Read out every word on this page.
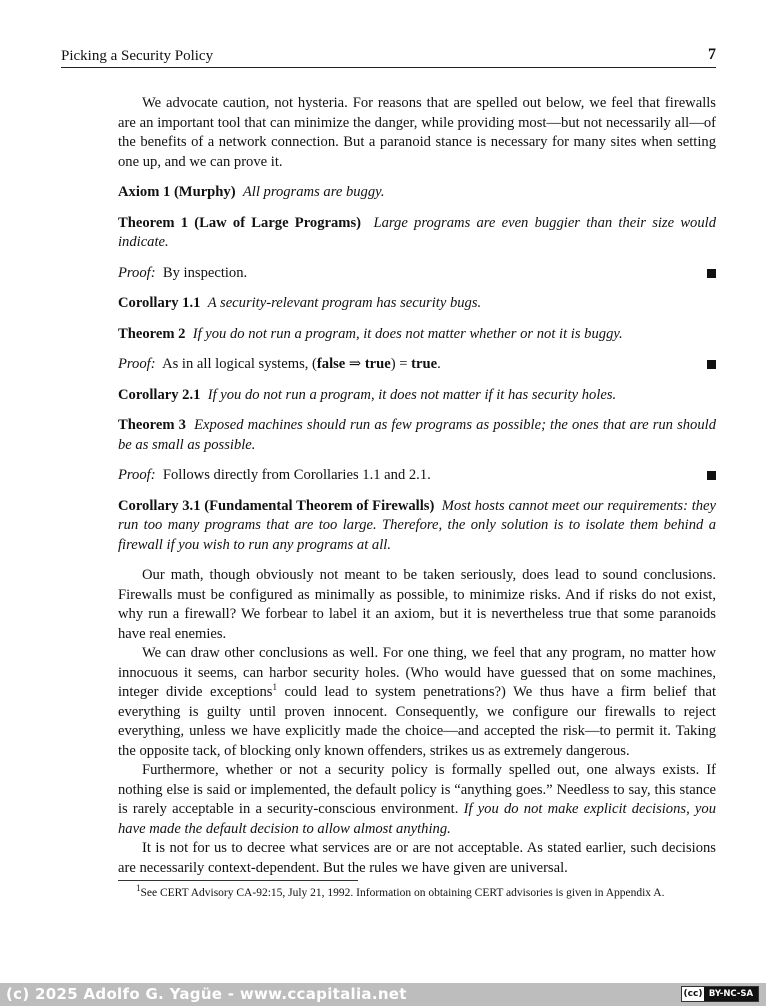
Picking a Security Policy	7

We advocate caution, not hysteria. For reasons that are spelled out below, we feel that firewalls are an important tool that can minimize the danger, while providing most—but not necessarily all—of the benefits of a network connection. But a paranoid stance is necessary for many sites when setting one up, and we can prove it.

Axiom 1 (Murphy) All programs are buggy.

Theorem 1 (Law of Large Programs) Large programs are even buggier than their size would indicate.

Proof: By inspection.

Corollary 1.1 A security-relevant program has security bugs.

Theorem 2 If you do not run a program, it does not matter whether or not it is buggy.

Proof: As in all logical systems, (false ⇒ true) = true.

Corollary 2.1 If you do not run a program, it does not matter if it has security holes.

Theorem 3 Exposed machines should run as few programs as possible; the ones that are run should be as small as possible.

Proof: Follows directly from Corollaries 1.1 and 2.1.

Corollary 3.1 (Fundamental Theorem of Firewalls) Most hosts cannot meet our requirements: they run too many programs that are too large. Therefore, the only solution is to isolate them behind a firewall if you wish to run any programs at all.

Our math, though obviously not meant to be taken seriously, does lead to sound conclusions. Firewalls must be configured as minimally as possible, to minimize risks. And if risks do not exist, why run a firewall? We forbear to label it an axiom, but it is nevertheless true that some paranoids have real enemies.

We can draw other conclusions as well. For one thing, we feel that any program, no matter how innocuous it seems, can harbor security holes. (Who would have guessed that on some machines, integer divide exceptions$^1$ could lead to system penetrations?) We thus have a firm belief that everything is guilty until proven innocent. Consequently, we configure our firewalls to reject everything, unless we have explicitly made the choice—and accepted the risk—to permit it. Taking the opposite tack, of blocking only known offenders, strikes us as extremely dangerous.

Furthermore, whether or not a security policy is formally spelled out, one always exists. If nothing else is said or implemented, the default policy is “anything goes.” Needless to say, this stance is rarely acceptable in a security-conscious environment. If you do not make explicit decisions, you have made the default decision to allow almost anything.

It is not for us to decree what services are or are not acceptable. As stated earlier, such decisions are necessarily context-dependent. But the rules we have given are universal.

$^1$See CERT Advisory CA-92:15, July 21, 1992. Information on obtaining CERT advisories is given in Appendix A.
(c) 2025 Adolfo G. Yagüe - www.ccapitalia.net	(cc) BY-NC-SA
